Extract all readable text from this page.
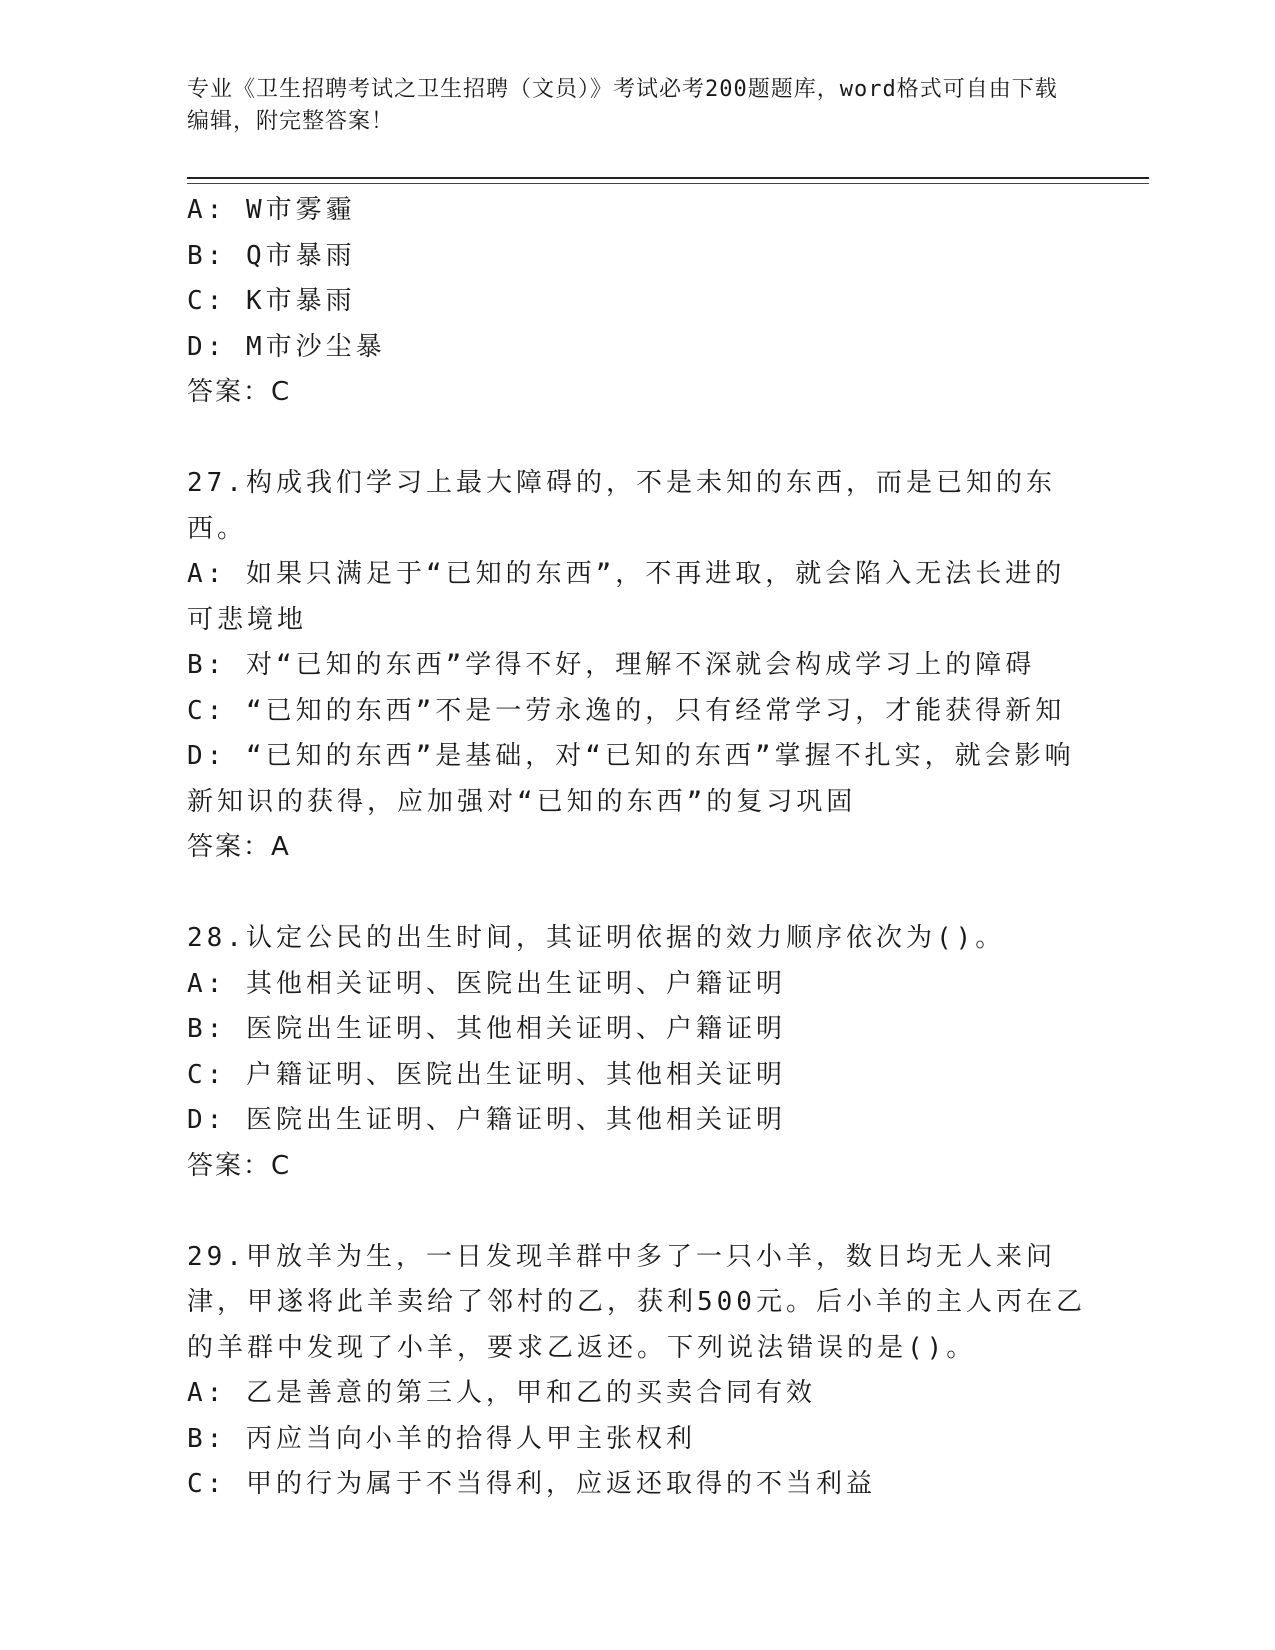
专业《卫生招聘考试之卫生招聘（文员）》考试必考200题题库，word格式可自由下载编辑，附完整答案！

A: W市雾霾

B: Q市暴雨

C: K市暴雨

D: M市沙尘暴

答案：C

27.构成我们学习上最大障碍的，不是未知的东西，而是已知的东西。

A: 如果只满足于“已知的东西”，不再进取，就会陷入无法长进的可悲境地

B: 对“已知的东西”学得不好，理解不深就会构成学习上的障碍

C: “已知的东西”不是一劳永逸的，只有经常学习，才能获得新知

D: “已知的东西”是基础，对“已知的东西”掌握不扎实，就会影响新知识的获得，应加强对“已知的东西”的复习巩固

答案：A

28.认定公民的出生时间，其证明依据的效力顺序依次为()。

A: 其他相关证明、医院出生证明、户籍证明

B: 医院出生证明、其他相关证明、户籍证明

C: 户籍证明、医院出生证明、其他相关证明

D: 医院出生证明、户籍证明、其他相关证明

答案：C

29.甲放羊为生，一日发现羊群中多了一只小羊，数日均无人来问津，甲遂将此羊卖给了邻村的乙，获利500元。后小羊的主人丙在乙的羊群中发现了小羊，要求乙返还。下列说法错误的是()。

A: 乙是善意的第三人，甲和乙的买卖合同有效

B: 丙应当向小羊的拾得人甲主张权利

C: 甲的行为属于不当得利，应返还取得的不当利益
